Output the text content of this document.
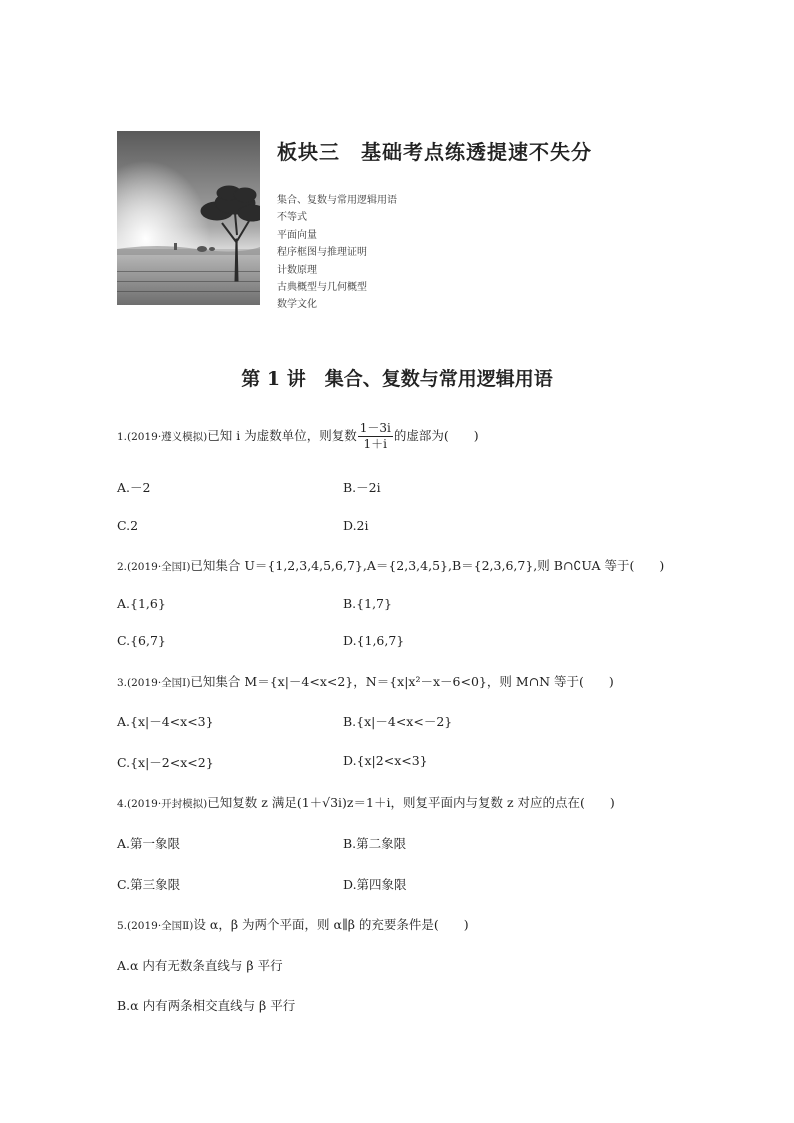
板块三　基础考点练透提速不失分
集合、复数与常用逻辑用语
不等式
平面向量
程序框图与推理证明
计数原理
古典概型与几何概型
数学文化
第 1 讲　集合、复数与常用逻辑用语
1.(2019·遵义模拟)已知 i 为虚数单位，则复数 $\frac{1-3i}{1+i}$ 的虚部为(　　)
A.－2	B.－2i
C.2	D.2i
2.(2019·全国Ⅰ)已知集合 U＝{1,2,3,4,5,6,7},A＝{2,3,4,5},B＝{2,3,6,7},则 B∩∁UA 等于(　　)
A.{1,6}	B.{1,7}
C.{6,7}	D.{1,6,7}
3.(2019·全国Ⅰ)已知集合 M＝{x|－4<x<2}，N＝{x|x²－x－6<0}，则 M∩N 等于(　　)
A.{x|－4<x<3}	B.{x|－4<x<－2}
C.{x|－2<x<2}	D.{x|2<x<3}
4.(2019·开封模拟)已知复数 z 满足(1＋√3i)z＝1＋i，则复平面内与复数 z 对应的点在(　　)
A.第一象限	B.第二象限
C.第三象限	D.第四象限
5.(2019·全国Ⅱ)设 α，β 为两个平面，则 α∥β 的充要条件是(　　)
A.α 内有无数条直线与 β 平行
B.α 内有两条相交直线与 β 平行
